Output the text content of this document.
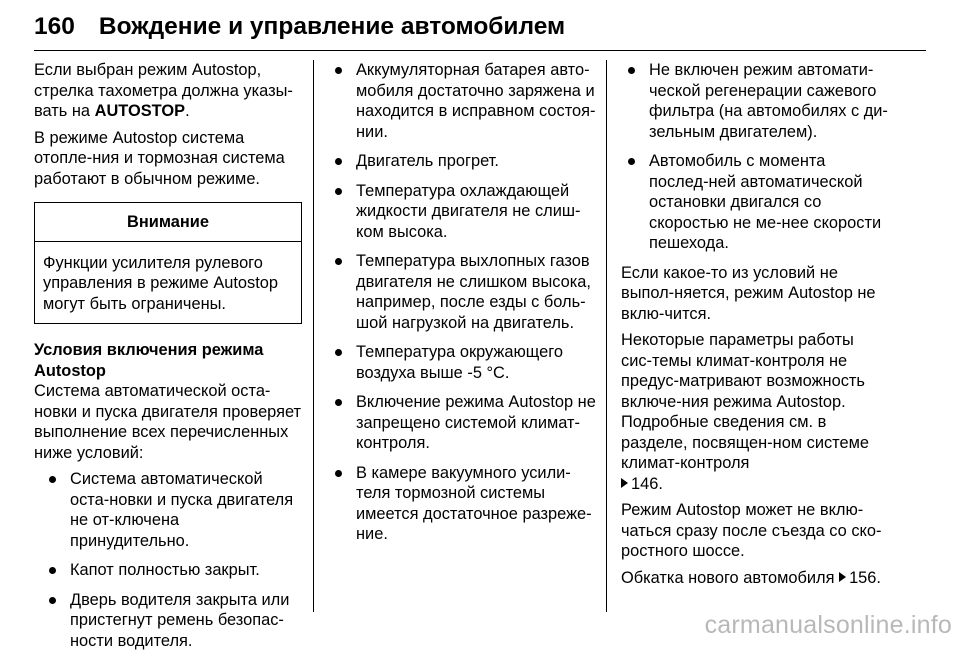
160 Вождение и управление автомобилем

Если выбран режим Autostop, стрелка тахометра должна указы-вать на AUTOSTOP.

В режиме Autostop система отопле-ния и тормозная система работают в обычном режиме.

Внимание
Функции усилителя рулевого управления в режиме Autostop могут быть ограничены.
Условия включения режима Autostop

Система автоматической оста-новки и пуска двигателя проверяет выполнение всех перечисленных ниже условий:

Система автоматической оста-новки и пуска двигателя не от-ключена принудительно.
Капот полностью закрыт.
Дверь водителя закрыта или пристегнут ремень безопас-ности водителя.
Аккумуляторная батарея авто-мобиля достаточно заряжена и находится в исправном состоя-нии.
Двигатель прогрет.
Температура охлаждающей жидкости двигателя не слиш-ком высока.
Температура выхлопных газов двигателя не слишком высока, например, после езды с боль-шой нагрузкой на двигатель.
Температура окружающего воздуха выше -5 °C.
Включение режима Autostop не запрещено системой климат-контроля.
В камере вакуумного усили-теля тормозной системы имеется достаточное разреже-ние.
Не включен режим автомати-ческой регенерации сажевого фильтра (на автомобилях с ди-зельным двигателем).
Автомобиль с момента послед-ней автоматической остановки двигался со скоростью не ме-нее скорости пешехода.

Если какое-то из условий не выпол-няется, режим Autostop не вклю-чится.

Некоторые параметры работы сис-темы климат-контроля не предус-матривают возможность включе-ния режима Autostop. Подробные сведения см. в разделе, посвящен-ном системе климат-контроля
146.

Режим Autostop может не вклю-чаться сразу после съезда со ско-ростного шоссе.

Обкатка нового автомобиля 156.

carmanualsonline.info
